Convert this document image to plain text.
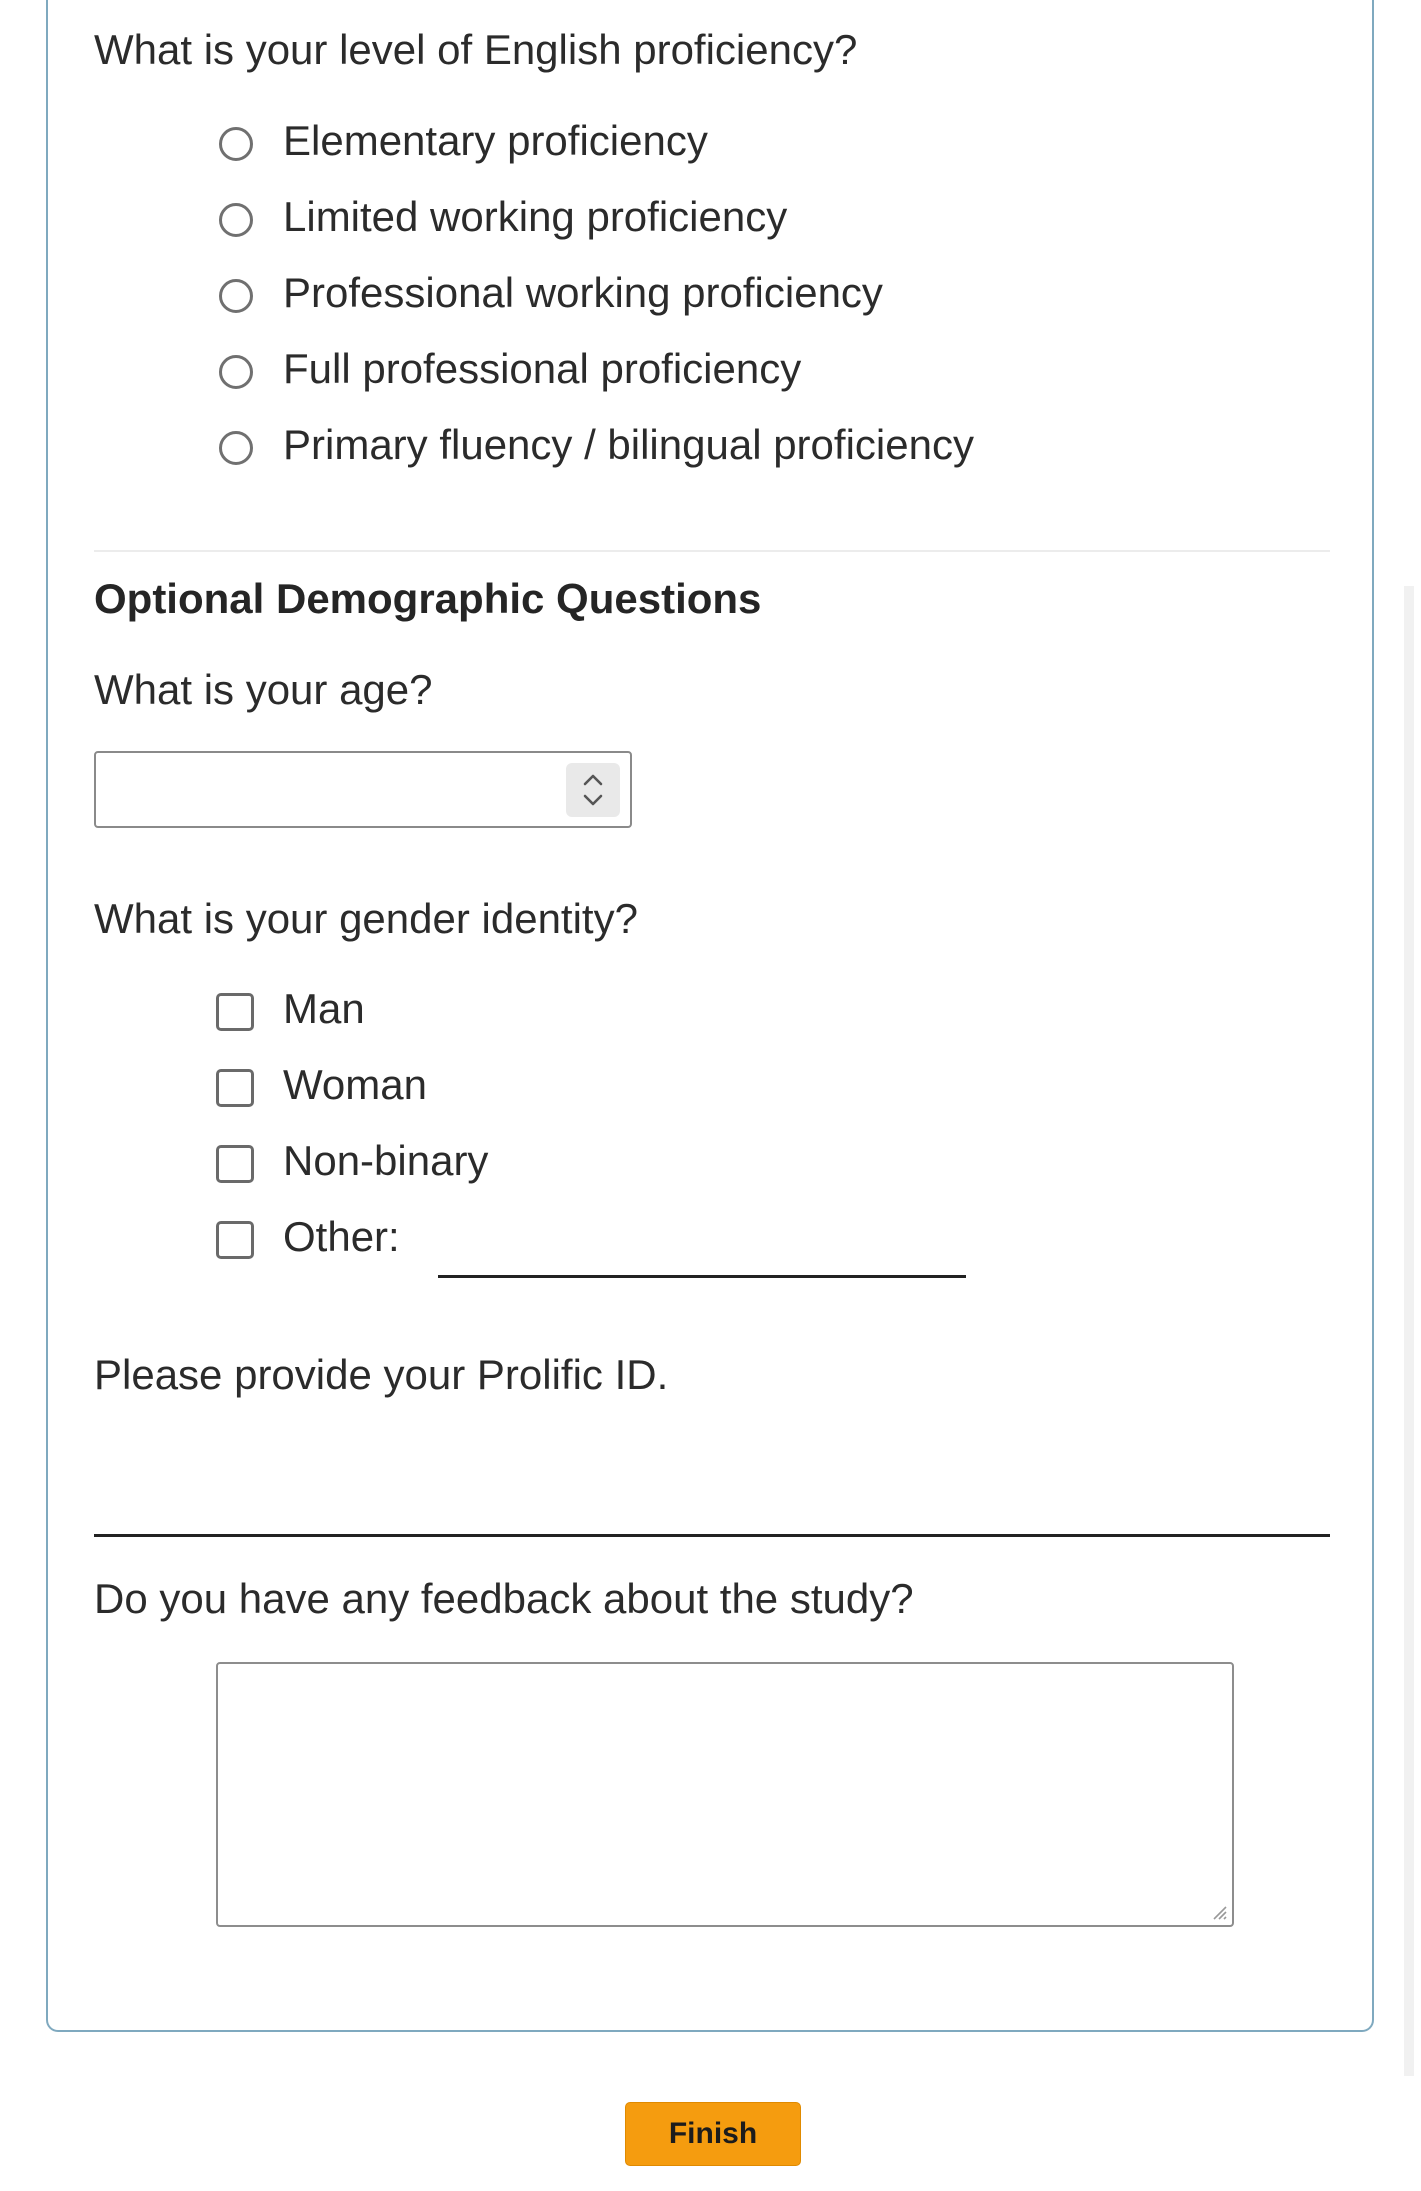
What is your level of English proficiency?
Elementary proficiency
Limited working proficiency
Professional working proficiency
Full professional proficiency
Primary fluency / bilingual proficiency
Optional Demographic Questions
What is your age?
What is your gender identity?
Man
Woman
Non-binary
Other:
Please provide your Prolific ID.
Do you have any feedback about the study?
Finish
